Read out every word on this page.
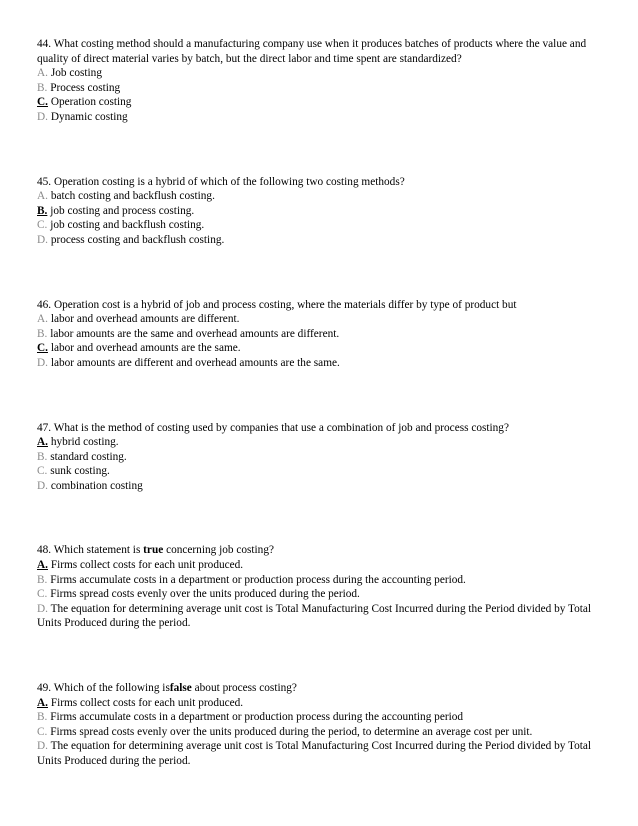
44. What costing method should a manufacturing company use when it produces batches of products where the value and quality of direct material varies by batch, but the direct labor and time spent are standardized?

A. Job costing

B. Process costing

C. Operation costing

D. Dynamic costing

45. Operation costing is a hybrid of which of the following two costing methods?

A. batch costing and backflush costing.

B. job costing and process costing.

C. job costing and backflush costing.

D. process costing and backflush costing.

46. Operation cost is a hybrid of job and process costing, where the materials differ by type of product but

A. labor and overhead amounts are different.

B. labor amounts are the same and overhead amounts are different.

C. labor and overhead amounts are the same.

D. labor amounts are different and overhead amounts are the same.

47. What is the method of costing used by companies that use a combination of job and process costing?

A. hybrid costing.

B. standard costing.

C. sunk costing.

D. combination costing

48. Which statement is true concerning job costing?

A. Firms collect costs for each unit produced.

B. Firms accumulate costs in a department or production process during the accounting period.

C. Firms spread costs evenly over the units produced during the period.

D. The equation for determining average unit cost is Total Manufacturing Cost Incurred during the Period divided by Total Units Produced during the period.

49. Which of the following isfalse about process costing?

A. Firms collect costs for each unit produced.

B. Firms accumulate costs in a department or production process during the accounting period

C. Firms spread costs evenly over the units produced during the period, to determine an average cost per unit.

D. The equation for determining average unit cost is Total Manufacturing Cost Incurred during the Period divided by Total Units Produced during the period.
